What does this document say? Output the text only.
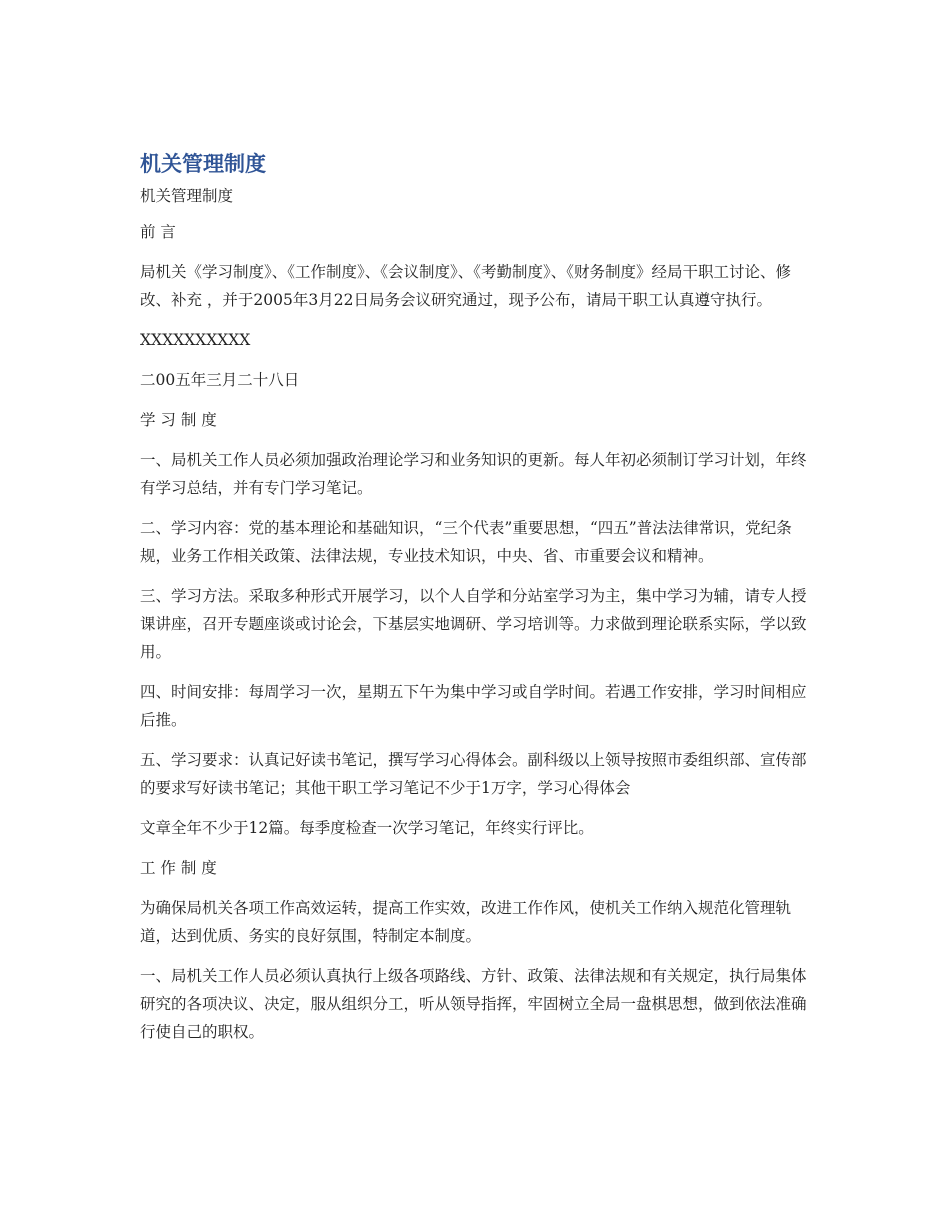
机关管理制度

机关管理制度

前 言

局机关《学习制度》、《工作制度》、《会议制度》、《考勤制度》、《财务制度》经局干职工讨论、修改、补充 ，并于2005年3月22日局务会议研究通过，现予公布，请局干职工认真遵守执行。

XXXXXXXXXX

二00五年三月二十八日

学 习 制 度

一、局机关工作人员必须加强政治理论学习和业务知识的更新。每人年初必须制订学习计划，年终有学习总结，并有专门学习笔记。

二、学习内容：党的基本理论和基础知识，“三个代表”重要思想，“四五”普法法律常识，党纪条规，业务工作相关政策、法律法规，专业技术知识，中央、省、市重要会议和精神。

三、学习方法。采取多种形式开展学习，以个人自学和分站室学习为主，集中学习为辅，请专人授课讲座，召开专题座谈或讨论会，下基层实地调研、学习培训等。力求做到理论联系实际，学以致用。

四、时间安排：每周学习一次，星期五下午为集中学习或自学时间。若遇工作安排，学习时间相应后推。

五、学习要求：认真记好读书笔记，撰写学习心得体会。副科级以上领导按照市委组织部、宣传部的要求写好读书笔记；其他干职工学习笔记不少于1万字，学习心得体会

文章全年不少于12篇。每季度检查一次学习笔记，年终实行评比。

工 作 制 度

为确保局机关各项工作高效运转，提高工作实效，改进工作作风，使机关工作纳入规范化管理轨道，达到优质、务实的良好氛围，特制定本制度。

一、局机关工作人员必须认真执行上级各项路线、方针、政策、法律法规和有关规定，执行局集体研究的各项决议、决定，服从组织分工，听从领导指挥，牢固树立全局一盘棋思想，做到依法准确行使自己的职权。
